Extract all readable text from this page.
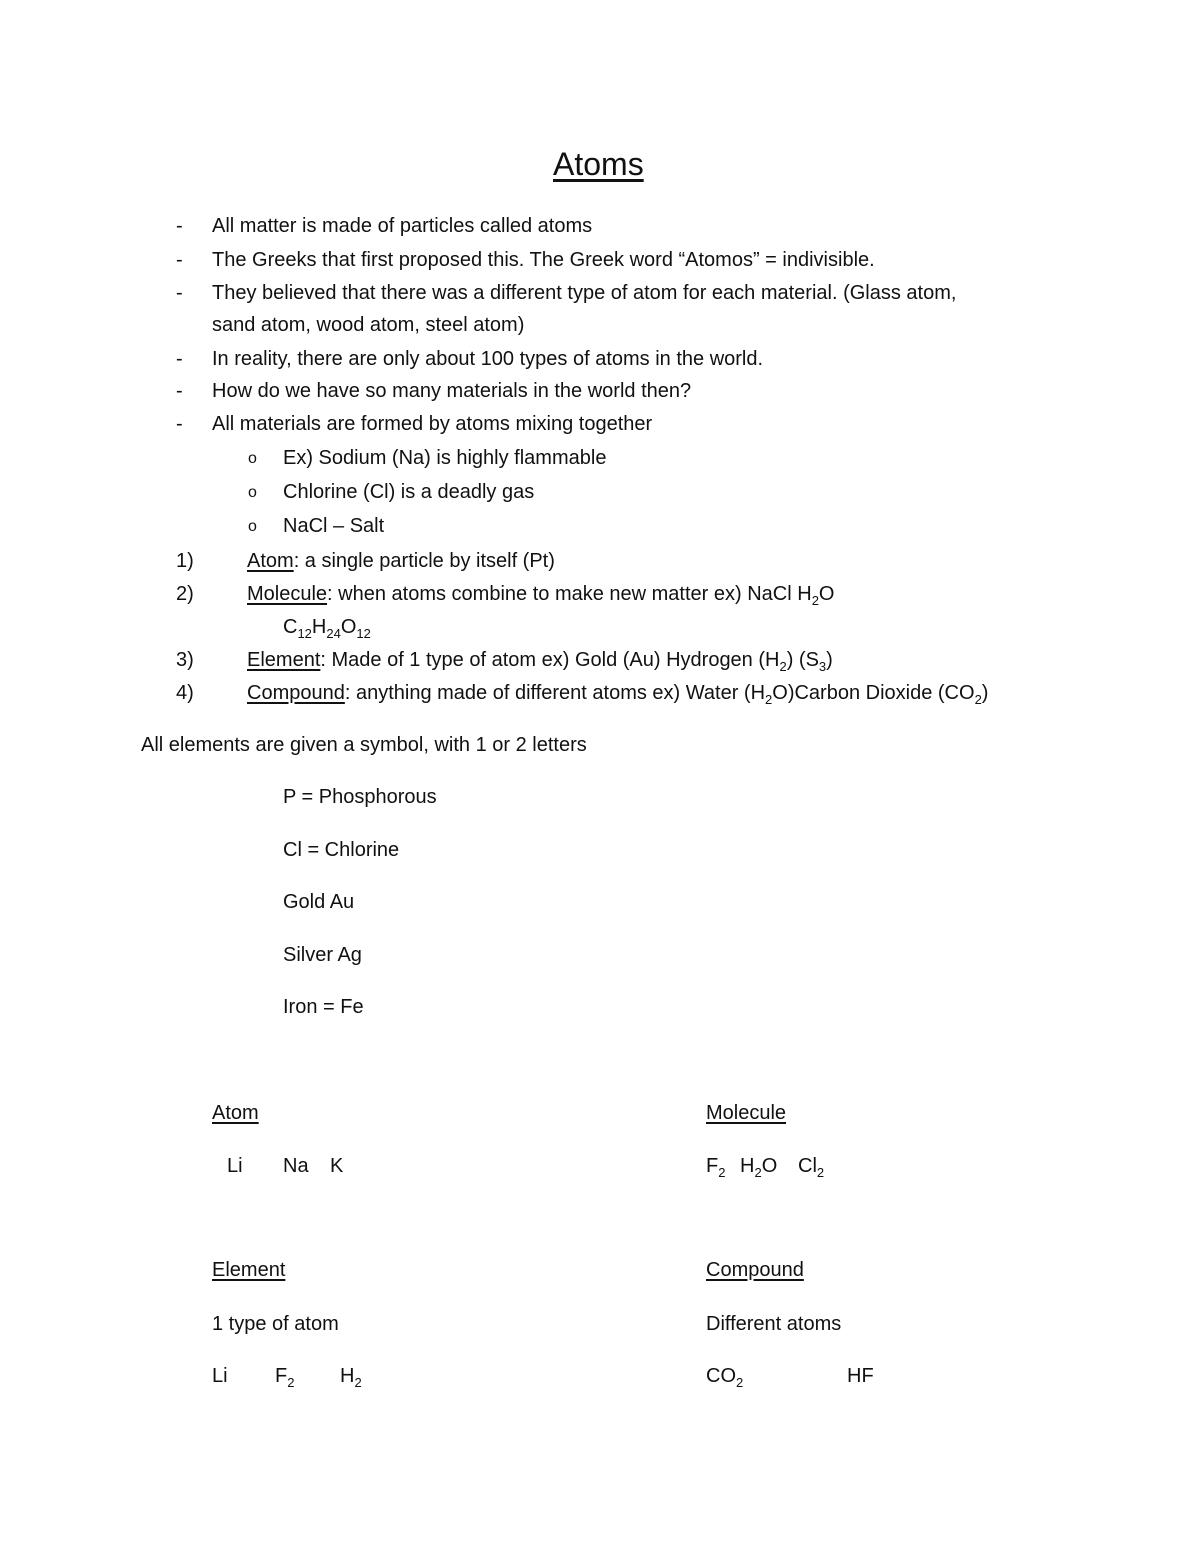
Atoms
- All matter is made of particles called atoms
- The Greeks that first proposed this. The Greek word “Atomos” = indivisible.
- They believed that there was a different type of atom for each material. (Glass atom,
sand atom, wood atom, steel atom)
- In reality, there are only about 100 types of atoms in the world.
- How do we have so many materials in the world then?
- All materials are formed by atoms mixing together
o Ex) Sodium (Na) is highly flammable
o Chlorine (Cl) is a deadly gas
o NaCl – Salt
1)	Atom: a single particle by itself (Pt)
2)	Molecule: when atoms combine to make new matter ex) NaCl $H_2O$
$C_{12}H_{24}O_{12}$
3)	Element: Made of 1 type of atom ex) Gold (Au) Hydrogen $(H_2)$ $(S_3)$
4)	Compound: anything made of different atoms ex) Water $(H_2O)Carbon$ Dioxide $(CO_2)$
All elements are given a symbol, with 1 or 2 letters
P = Phosphorous
Cl = Chlorine
Gold Au
Silver Ag
Iron = Fe
Atom
Li Na K
Molecule
$F_2$ $H_2O$ $Cl_2$
Element
1 type of atom
Li $F_2$ $H_2$
Compound
Different atoms
$CO_2$	HF
